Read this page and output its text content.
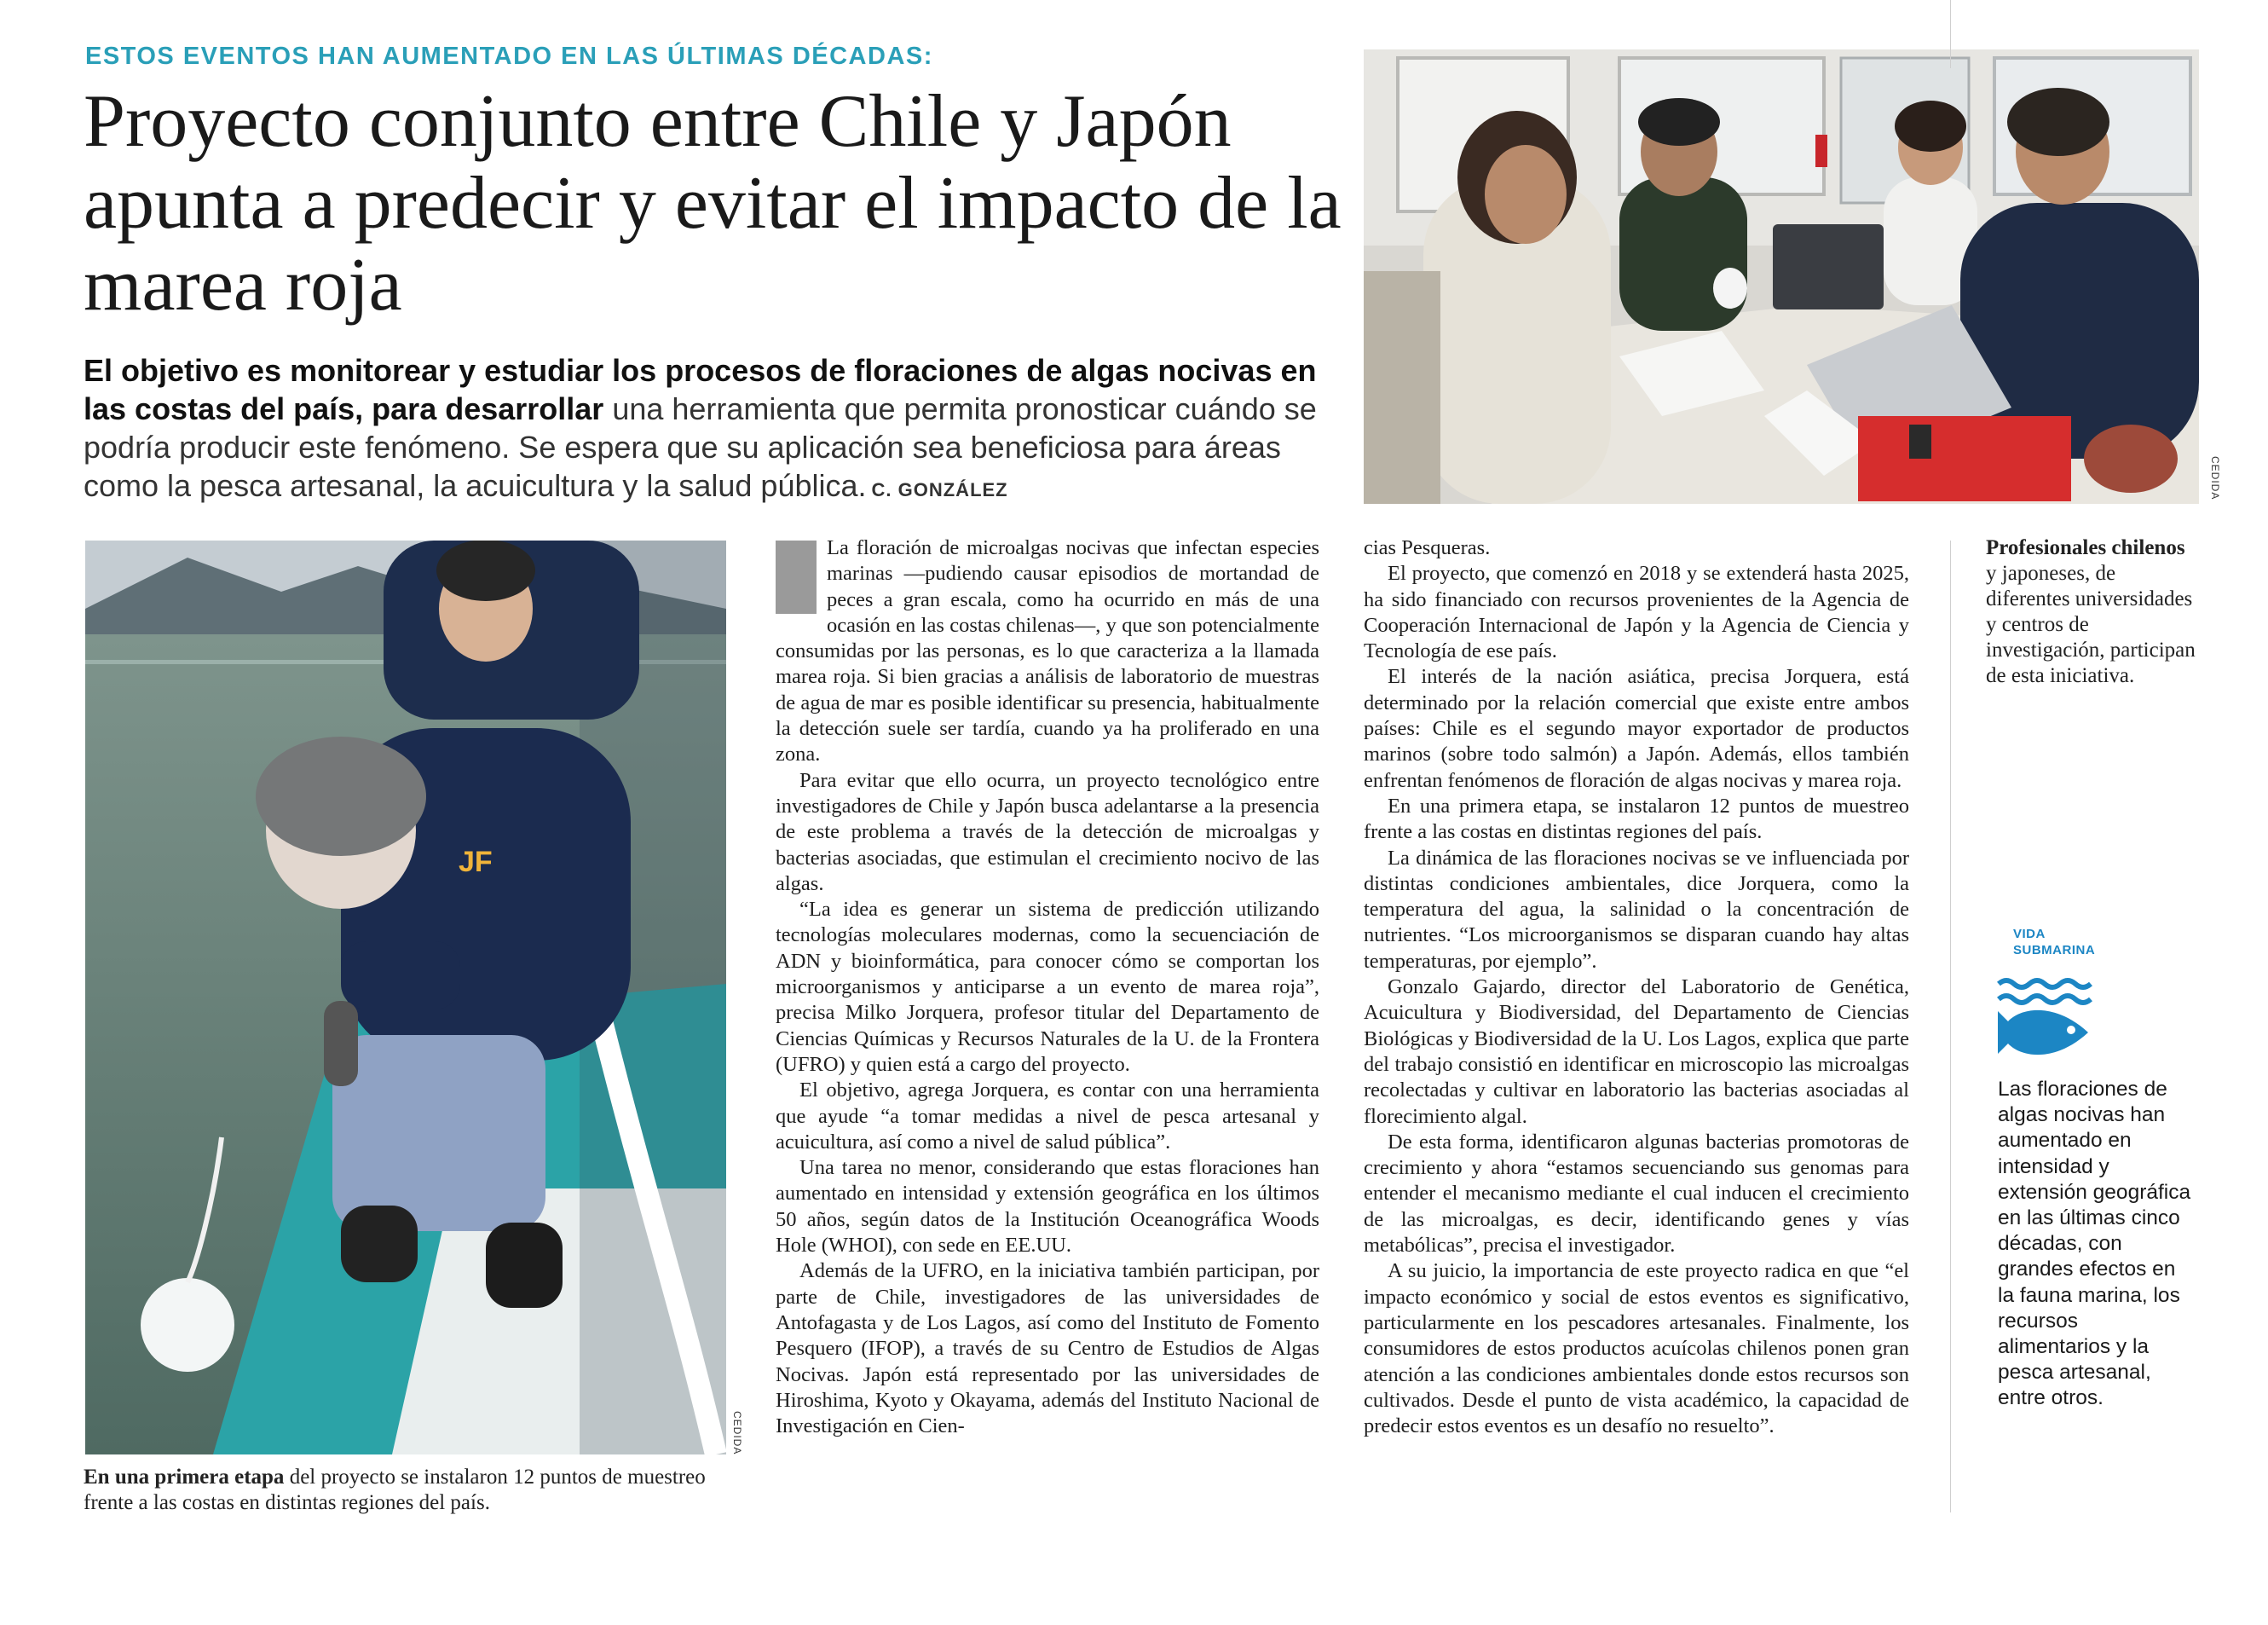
ESTOS EVENTOS HAN AUMENTADO EN LAS ÚLTIMAS DÉCADAS:
Proyecto conjunto entre Chile y Japón apunta a predecir y evitar el impacto de la marea roja

El objetivo es monitorear y estudiar los procesos de floraciones de algas nocivas en las costas del país, para desarrollar una herramienta que permita pronosticar cuándo se podría producir este fenómeno. Se espera que su aplicación sea beneficiosa para áreas como la pesca artesanal, la acuicultura y la salud pública. C. GONZÁLEZ	CEDIDA
JF
CEDIDA
En una primera etapa del proyecto se instalaron 12 puntos de muestreo frente a las costas en distintas regiones del país.

La floración de microalgas nocivas que infectan especies marinas —pudiendo causar episodios de mortandad de peces a gran escala, como ha ocurrido en más de una ocasión en las costas chilenas—, y que son potencialmente consumidas por las personas, es lo que caracteriza a la llamada marea roja. Si bien gracias a análisis de laboratorio de muestras de agua de mar es posible identificar su presencia, habitualmente la detección suele ser tardía, cuando ya ha proliferado en una zona.

Para evitar que ello ocurra, un proyecto tecnológico entre investigadores de Chile y Japón busca adelantarse a la presencia de este problema a través de la detección de microalgas y bacterias asociadas, que estimulan el crecimiento nocivo de las algas.

“La idea es generar un sistema de predicción utilizando tecnologías moleculares modernas, como la secuenciación de ADN y bioinformática, para conocer cómo se comportan los microorganismos y anticiparse a un evento de marea roja”, precisa Milko Jorquera, profesor titular del Departamento de Ciencias Químicas y Recursos Naturales de la U. de la Frontera (UFRO) y quien está a cargo del proyecto.

El objetivo, agrega Jorquera, es contar con una herramienta que ayude “a tomar medidas a nivel de pesca artesanal y acuicultura, así como a nivel de salud pública”.

Una tarea no menor, considerando que estas floraciones han aumentado en intensidad y extensión geográfica en los últimos 50 años, según datos de la Institución Oceanográfica Woods Hole (WHOI), con sede en EE.UU.

Además de la UFRO, en la iniciativa también participan, por parte de Chile, investigadores de las universidades de Antofagasta y de Los Lagos, así como del Instituto de Fomento Pesquero (IFOP), a través de su Centro de Estudios de Algas Nocivas. Japón está representado por las universidades de Hiroshima, Kyoto y Okayama, además del Instituto Nacional de Investigación en Cien-

cias Pesqueras.

El proyecto, que comenzó en 2018 y se extenderá hasta 2025, ha sido financiado con recursos provenientes de la Agencia de Cooperación Internacional de Japón y la Agencia de Ciencia y Tecnología de ese país.

El interés de la nación asiática, precisa Jorquera, está determinado por la relación comercial que existe entre ambos países: Chile es el segundo mayor exportador de productos marinos (sobre todo salmón) a Japón. Además, ellos también enfrentan fenómenos de floración de algas nocivas y marea roja.

En una primera etapa, se instalaron 12 puntos de muestreo frente a las costas en distintas regiones del país.

La dinámica de las floraciones nocivas se ve influenciada por distintas condiciones ambientales, dice Jorquera, como la temperatura del agua, la salinidad o la concentración de nutrientes. “Los microorganismos se disparan cuando hay altas temperaturas, por ejemplo”.

Gonzalo Gajardo, director del Laboratorio de Genética, Acuicultura y Biodiversidad, del Departamento de Ciencias Biológicas y Biodiversidad de la U. Los Lagos, explica que parte del trabajo consistió en identificar en microscopio las microalgas recolectadas y cultivar en laboratorio las bacterias asociadas al florecimiento algal.

De esta forma, identificaron algunas bacterias promotoras de crecimiento y ahora “estamos secuenciando sus genomas para entender el mecanismo mediante el cual inducen el crecimiento de las microalgas, es decir, identificando genes y vías metabólicas”, precisa el investigador.

A su juicio, la importancia de este proyecto radica en que “el impacto económico y social de estos eventos es significativo, particularmente en los pescadores artesanales. Finalmente, los consumidores de estos productos acuícolas chilenos ponen gran atención a las condiciones ambientales donde estos recursos son cultivados. Desde el punto de vista académico, la capacidad de predecir estos eventos es un desafío no resuelto”.

Profesionales chilenos y japoneses, de diferentes universidades y centros de investigación, participan de esta iniciativa.
VIDA
SUBMARINA
Las floraciones de algas nocivas han aumentado en intensidad y extensión geográfica en las últimas cinco décadas, con grandes efectos en la fauna marina, los recursos alimentarios y la pesca artesanal, entre otros.
